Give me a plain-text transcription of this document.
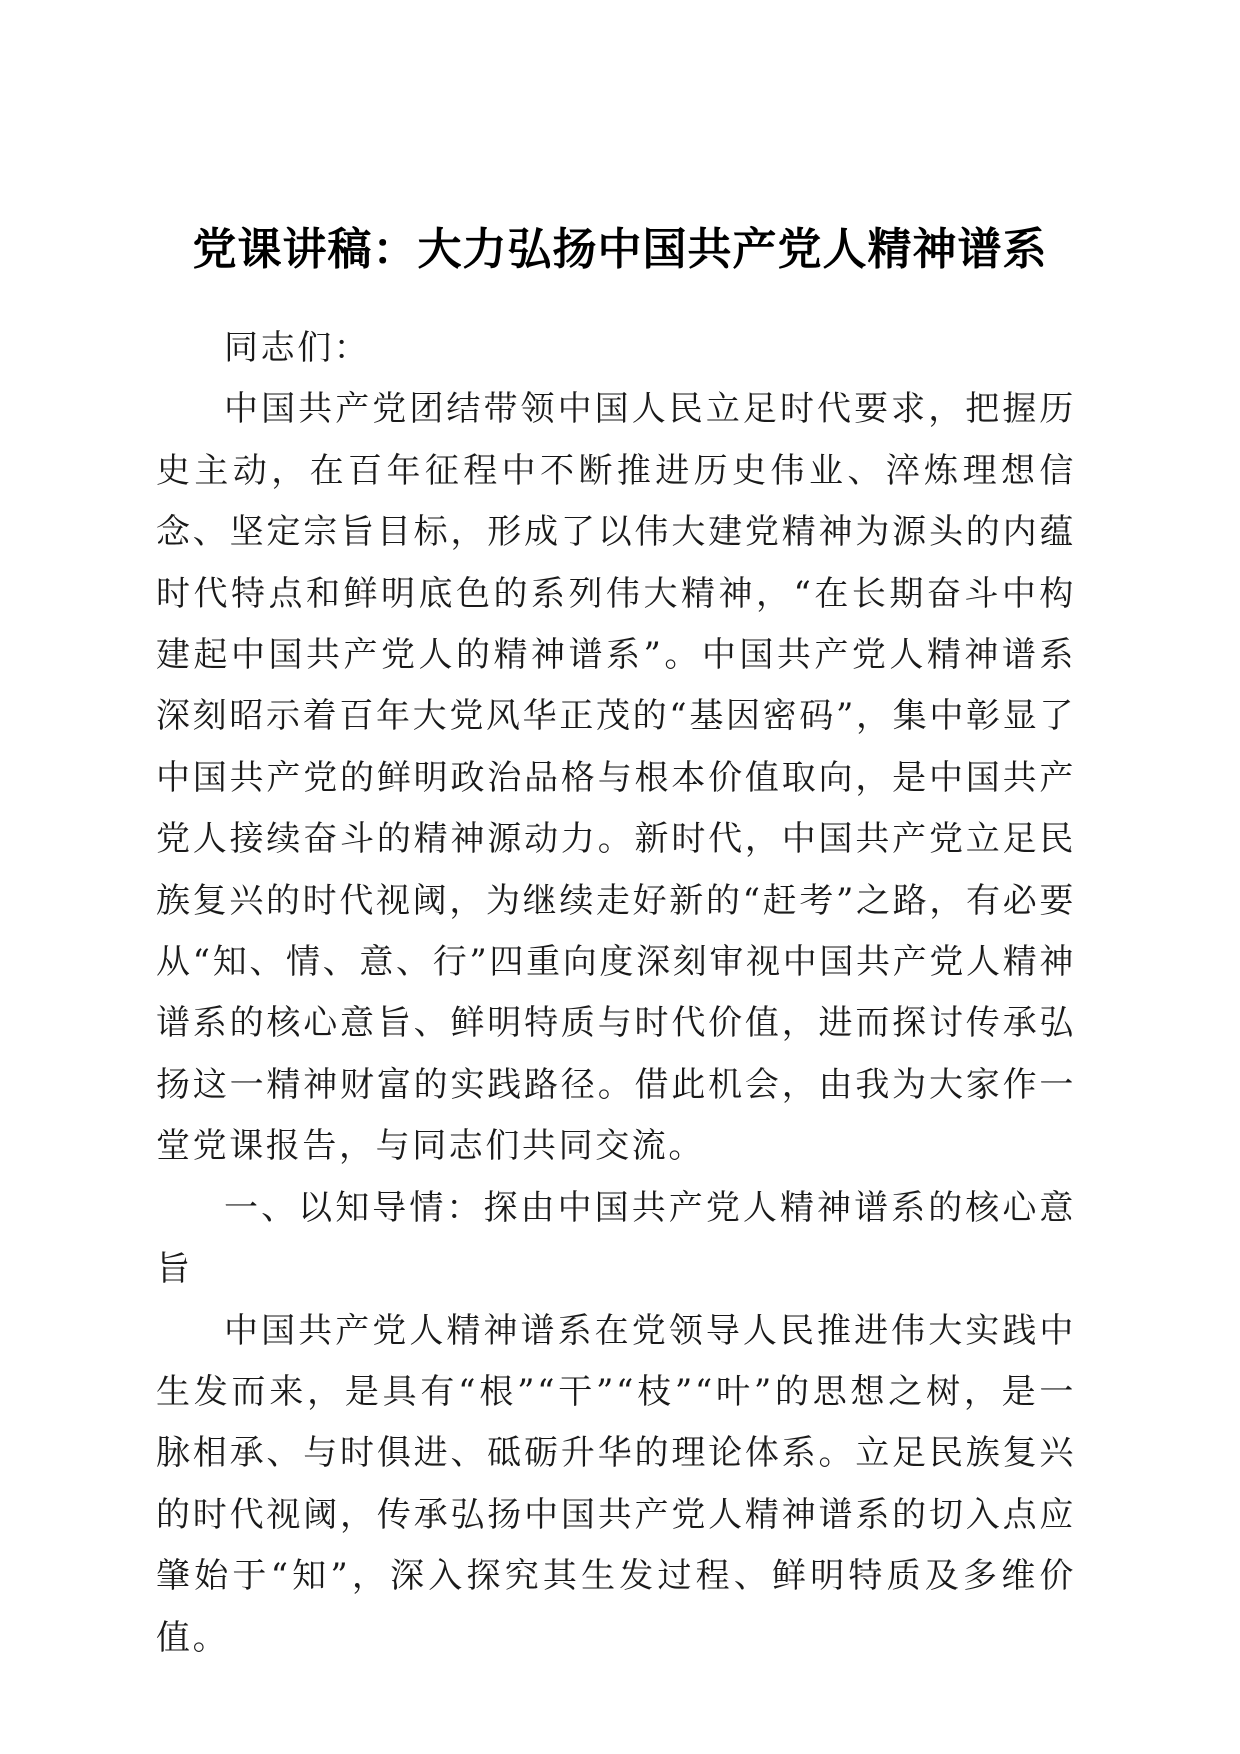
党课讲稿：大力弘扬中国共产党人精神谱系

同志们：

中国共产党团结带领中国人民立足时代要求，把握历史主动，在百年征程中不断推进历史伟业、淬炼理想信念、坚定宗旨目标，形成了以伟大建党精神为源头的内蕴时代特点和鲜明底色的系列伟大精神，“在长期奋斗中构建起中国共产党人的精神谱系”。中国共产党人精神谱系深刻昭示着百年大党风华正茂的“基因密码”，集中彰显了中国共产党的鲜明政治品格与根本价值取向，是中国共产党人接续奋斗的精神源动力。新时代，中国共产党立足民族复兴的时代视阈，为继续走好新的“赶考”之路，有必要从“知、情、意、行”四重向度深刻审视中国共产党人精神谱系的核心意旨、鲜明特质与时代价值，进而探讨传承弘扬这一精神财富的实践路径。借此机会，由我为大家作一堂党课报告，与同志们共同交流。

一、以知导情：探由中国共产党人精神谱系的核心意旨

中国共产党人精神谱系在党领导人民推进伟大实践中生发而来，是具有“根”“干”“枝”“叶”的思想之树，是一脉相承、与时俱进、砥砺升华的理论体系。立足民族复兴的时代视阈，传承弘扬中国共产党人精神谱系的切入点应肇始于“知”，深入探究其生发过程、鲜明特质及多维价值。
